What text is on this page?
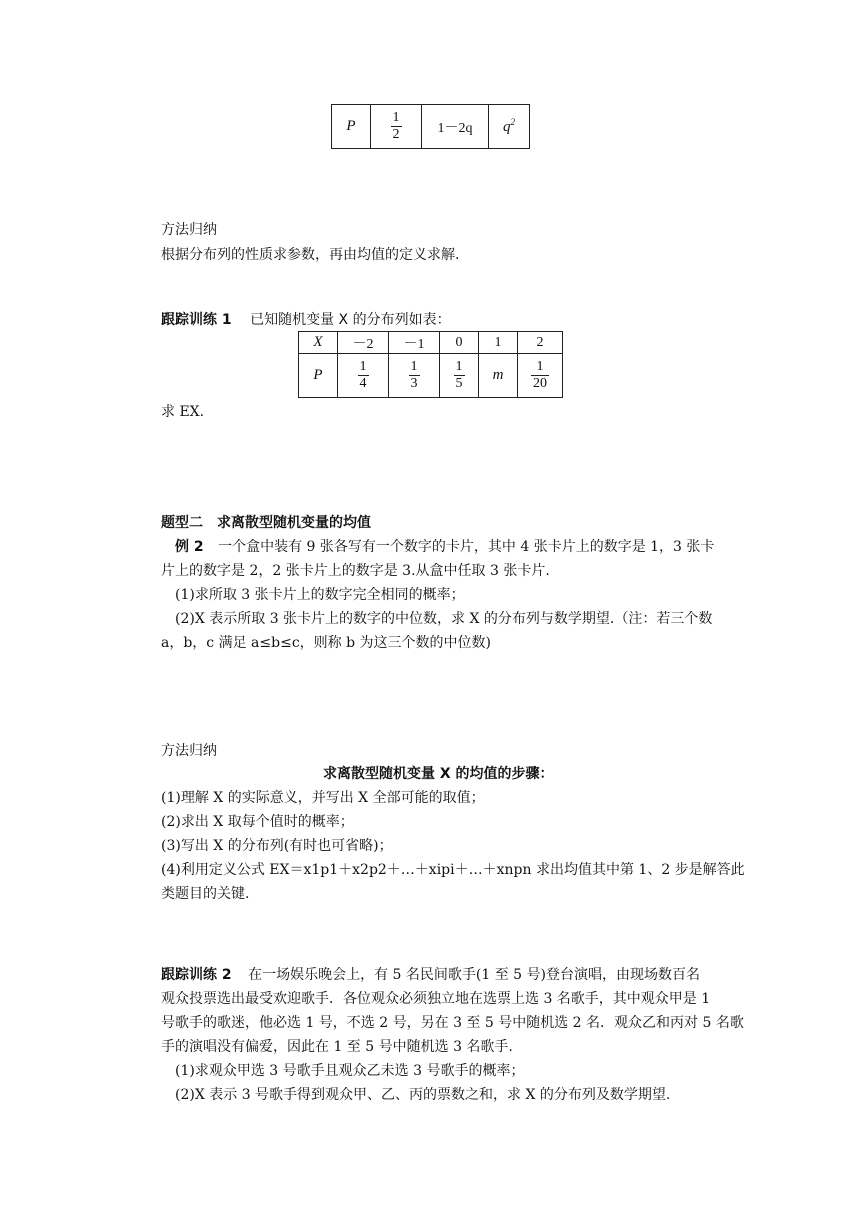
P	$\frac{1}{2}$	1－2q	$q^2$
方法归纳
根据分布列的性质求参数，再由均值的定义求解.
跟踪训练 1 已知随机变量 X 的分布列如表：
X	－2	－1	0	1	2
P	$\frac{1}{4}$	$\frac{1}{3}$	$\frac{1}{5}$	m	$\frac{1}{20}$
求 EX.
题型二　求离散型随机变量的均值
例 2 一个盒中装有 9 张各写有一个数字的卡片，其中 4 张卡片上的数字是 1，3 张卡
片上的数字是 2，2 张卡片上的数字是 3.从盒中任取 3 张卡片.
(1)求所取 3 张卡片上的数字完全相同的概率；
(2)X 表示所取 3 张卡片上的数字的中位数，求 X 的分布列与数学期望.（注：若三个数
a，b，c 满足 a≤b≤c，则称 b 为这三个数的中位数)
方法归纳
求离散型随机变量 X 的均值的步骤：
(1)理解 X 的实际意义，并写出 X 全部可能的取值；
(2)求出 X 取每个值时的概率；
(3)写出 X 的分布列(有时也可省略)；
(4)利用定义公式 EX＝x1p1＋x2p2＋…＋xipi＋…＋xnpn 求出均值其中第 1、2 步是解答此
类题目的关键.
跟踪训练 2 在一场娱乐晚会上，有 5 名民间歌手(1 至 5 号)登台演唱，由现场数百名
观众投票选出最受欢迎歌手．各位观众必须独立地在选票上选 3 名歌手，其中观众甲是 1
号歌手的歌迷，他必选 1 号，不选 2 号，另在 3 至 5 号中随机选 2 名．观众乙和丙对 5 名歌
手的演唱没有偏爱，因此在 1 至 5 号中随机选 3 名歌手.
(1)求观众甲选 3 号歌手且观众乙未选 3 号歌手的概率；
(2)X 表示 3 号歌手得到观众甲、乙、丙的票数之和，求 X 的分布列及数学期望.
